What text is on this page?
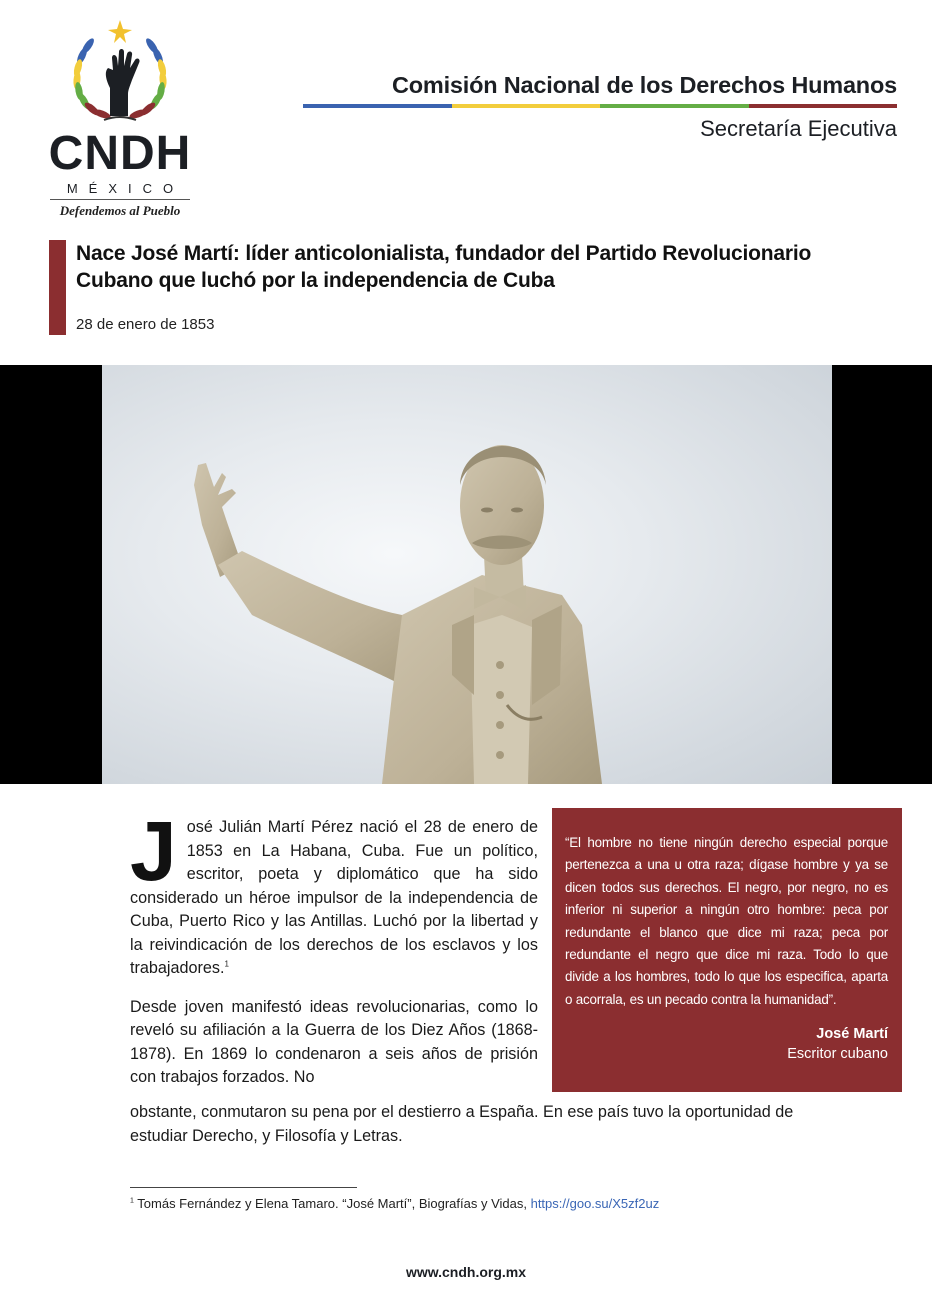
CNDH
MÉXICO
Defendemos al Pueblo
Comisión Nacional de los Derechos Humanos
Secretaría Ejecutiva
Nace José Martí: líder anticolonialista, fundador del Partido Revolucionario Cubano que luchó por la independencia de Cuba
28 de enero de 1853

José Julián Martí Pérez nació el 28 de enero de 1853 en La Habana, Cuba. Fue un político, escritor, poeta y diplomático que ha sido considerado un héroe impulsor de la independencia de Cuba, Puerto Rico y las Antillas. Luchó por la libertad y la reivindicación de los derechos de los esclavos y los trabajadores.$^1$

Desde joven manifestó ideas revolucionarias, como lo reveló su afiliación a la Guerra de los Diez Años (1868-1878). En 1869 lo condenaron a seis años de prisión con trabajos forzados. No

obstante, conmutaron su pena por el destierro a España. En ese país tuvo la oportunidad de estudiar Derecho, y Filosofía y Letras.
“El hombre no tiene ningún derecho especial porque pertenezca a una u otra raza; dígase hombre y ya se dicen todos sus derechos. El negro, por negro, no es inferior ni superior a ningún otro hombre: peca por redundante el blanco que dice mi raza; peca por redundante el negro que dice mi raza. Todo lo que divide a los hombres, todo lo que los especifica, aparta o acorrala, es un pecado contra la humanidad”.
José Martí
Escritor cubano
$^1$ Tomás Fernández y Elena Tamaro. “José Martí”, Biografías y Vidas, https://goo.su/X5zf2uz
www.cndh.org.mx
